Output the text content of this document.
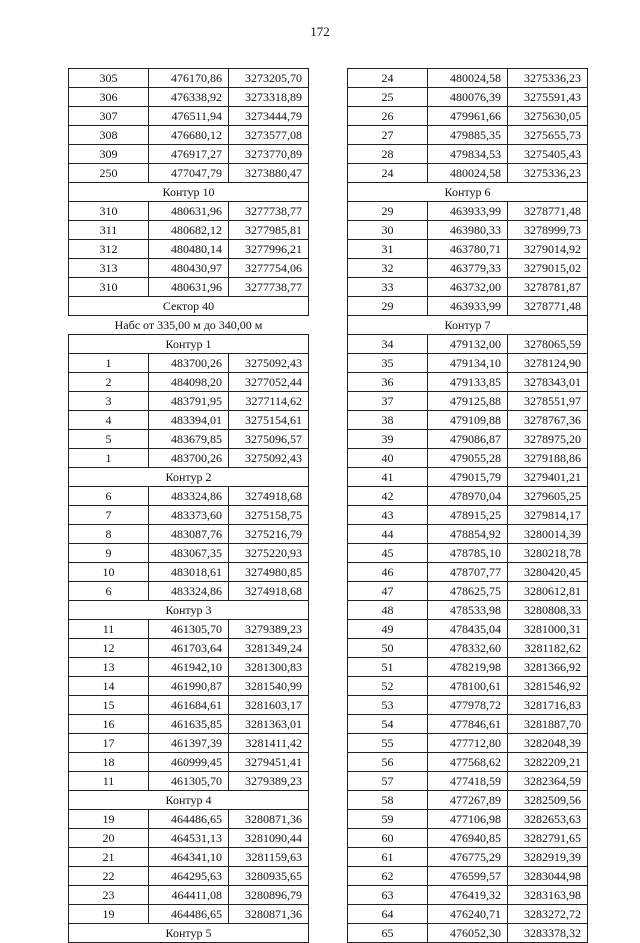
172
305	476170,86	3273205,70
306	476338,92	3273318,89
307	476511,94	3273444,79
308	476680,12	3273577,08
309	476917,27	3273770,89
250	477047,79	3273880,47
Контур 10		
310	480631,96	3277738,77
311	480682,12	3277985,81
312	480480,14	3277996,21
313	480430,97	3277754,06
310	480631,96	3277738,77
Сектор 40		
Набс от 335,00 м до 340,00 м		
Контур 1		
1	483700,26	3275092,43
2	484098,20	3277052,44
3	483791,95	3277114,62
4	483394,01	3275154,61
5	483679,85	3275096,57
1	483700,26	3275092,43
Контур 2		
6	483324,86	3274918,68
7	483373,60	3275158,75
8	483087,76	3275216,79
9	483067,35	3275220,93
10	483018,61	3274980,85
6	483324,86	3274918,68
Контур 3		
11	461305,70	3279389,23
12	461703,64	3281349,24
13	461942,10	3281300,83
14	461990,87	3281540,99
15	461684,61	3281603,17
16	461635,85	3281363,01
17	461397,39	3281411,42
18	460999,45	3279451,41
11	461305,70	3279389,23
Контур 4		
19	464486,65	3280871,36
20	464531,13	3281090,44
21	464341,10	3281159,63
22	464295,63	3280935,65
23	464411,08	3280896,79
19	464486,65	3280871,36
Контур 5		
24	480024,58	3275336,23
25	480076,39	3275591,43
26	479961,66	3275630,05
27	479885,35	3275655,73
28	479834,53	3275405,43
24	480024,58	3275336,23
Контур 6		
29	463933,99	3278771,48
30	463980,33	3278999,73
31	463780,71	3279014,92
32	463779,33	3279015,02
33	463732,00	3278781,87
29	463933,99	3278771,48
Контур 7		
34	479132,00	3278065,59
35	479134,10	3278124,90
36	479133,85	3278343,01
37	479125,88	3278551,97
38	479109,88	3278767,36
39	479086,87	3278975,20
40	479055,28	3279188,86
41	479015,79	3279401,21
42	478970,04	3279605,25
43	478915,25	3279814,17
44	478854,92	3280014,39
45	478785,10	3280218,78
46	478707,77	3280420,45
47	478625,75	3280612,81
48	478533,98	3280808,33
49	478435,04	3281000,31
50	478332,60	3281182,62
51	478219,98	3281366,92
52	478100,61	3281546,92
53	477978,72	3281716,83
54	477846,61	3281887,70
55	477712,80	3282048,39
56	477568,62	3282209,21
57	477418,59	3282364,59
58	477267,89	3282509,56
59	477106,98	3282653,63
60	476940,85	3282791,65
61	476775,29	3282919,39
62	476599,57	3283044,98
63	476419,32	3283163,98
64	476240,71	3283272,72
65	476052,30	3283378,32
